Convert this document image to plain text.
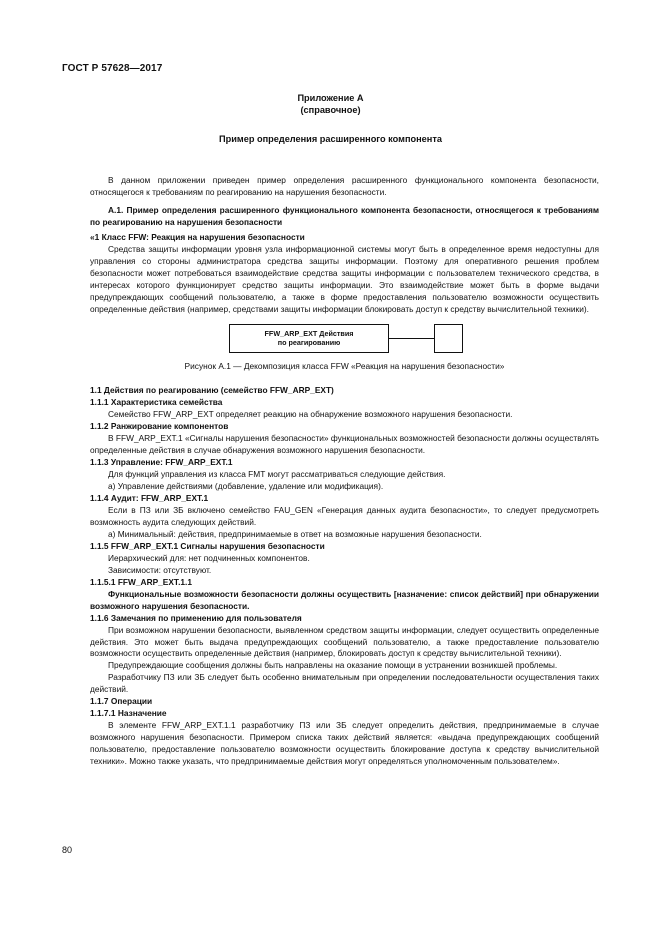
ГОСТ Р 57628—2017
Приложение А
(справочное)
Пример определения расширенного компонента

В данном приложении приведен пример определения расширенного функционального компонента безопасности, относящегося к требованиям по реагированию на нарушения безопасности.

А.1. Пример определения расширенного функционального компонента безопасности, относящегося к требованиям по реагированию на нарушения безопасности

«1 Класс FFW: Реакция на нарушения безопасности

Средства защиты информации уровня узла информационной системы могут быть в определенное время недоступны для управления со стороны администратора средства защиты информации. Поэтому для оперативного решения проблем безопасности может потребоваться взаимодействие средства защиты информации с пользователем технического средства, в интересах которого функционирует средство защиты информации. Это взаимодействие может быть в форме выдачи предупреждающих сообщений пользователю, а также в форме предоставления пользователю возможности осуществить определенные действия (например, средствами защиты информации блокировать доступ к средству вычислительной техники).

FFW_ARP_EXT Действия
по реагированию
Рисунок А.1 — Декомпозиция класса FFW «Реакция на нарушения безопасности»

1.1 Действия по реагированию (семейство FFW_ARP_EXT)

1.1.1 Характеристика семейства

Семейство FFW_ARP_EXT определяет реакцию на обнаружение возможного нарушения безопасности.

1.1.2 Ранжирование компонентов

В FFW_ARP_EXT.1 «Сигналы нарушения безопасности» функциональных возможностей безопасности должны осуществлять определенные действия в случае обнаружения возможного нарушения безопасности.

1.1.3 Управление: FFW_ARP_EXT.1

Для функций управления из класса FMT могут рассматриваться следующие действия.

а) Управление действиями (добавление, удаление или модификация).

1.1.4 Аудит: FFW_ARP_EXT.1

Если в ПЗ или ЗБ включено семейство FAU_GEN «Генерация данных аудита безопасности», то следует предусмотреть возможность аудита следующих действий.

а) Минимальный: действия, предпринимаемые в ответ на возможные нарушения безопасности.

1.1.5 FFW_ARP_EXT.1 Сигналы нарушения безопасности

Иерархический для: нет подчиненных компонентов.

Зависимости: отсутствуют.

1.1.5.1 FFW_ARP_EXT.1.1

Функциональные возможности безопасности должны осуществить [назначение: список действий] при обнаружении возможного нарушения безопасности.

1.1.6 Замечания по применению для пользователя

При возможном нарушении безопасности, выявленном средством защиты информации, следует осуществить определенные действия. Это может быть выдача предупреждающих сообщений пользователю, а также предоставление пользователю возможности осуществить определенные действия (например, блокировать доступ к средству вычислительной техники).

Предупреждающие сообщения должны быть направлены на оказание помощи в устранении возникшей проблемы.

Разработчику ПЗ или ЗБ следует быть особенно внимательным при определении последовательности осуществления таких действий.

1.1.7 Операции

1.1.7.1 Назначение

В элементе FFW_ARP_EXT.1.1 разработчику ПЗ или ЗБ следует определить действия, предпринимаемые в случае возможного нарушения безопасности. Примером списка таких действий является: «выдача предупреждающих сообщений пользователю, предоставление пользователю возможности осуществить блокирование доступа к средству вычислительной техники». Можно также указать, что предпринимаемые действия могут определяться уполномоченным пользователем».

80
